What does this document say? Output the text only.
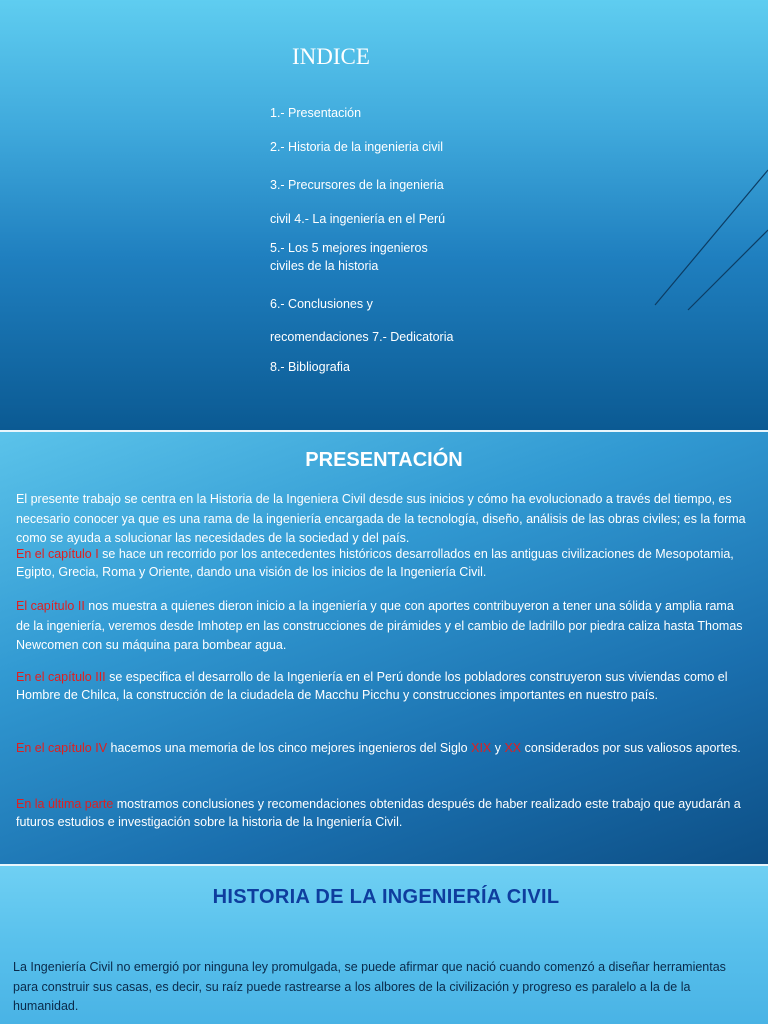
INDICE
1.- Presentación
2.- Historia de la ingenieria civil
3.- Precursores de la ingenieria
civil 4.- La ingeniería en el Perú
5.- Los 5 mejores ingenieros
civiles de la historia
6.- Conclusiones y
recomendaciones 7.- Dedicatoria
8.- Bibliografia
PRESENTACIÓN
El presente trabajo se centra en la Historia de la Ingeniera Civil desde sus inicios y cómo ha evolucionado a través del tiempo, es necesario conocer ya que es una rama de la ingeniería encargada de la tecnología, diseño, análisis de las obras civiles; es la forma como se ayuda a solucionar las necesidades de la sociedad y del país.
En el capítulo I se hace un recorrido por los antecedentes históricos desarrollados en las antiguas civilizaciones de Mesopotamia, Egipto, Grecia, Roma y Oriente, dando una visión de los inicios de la Ingeniería Civil.
El capítulo II nos muestra a quienes dieron inicio a la ingeniería y que con aportes contribuyeron a tener una sólida y amplia rama de la ingeniería, veremos desde Imhotep en las construcciones de pirámides y el cambio de ladrillo por piedra caliza hasta Thomas Newcomen con su máquina para bombear agua.
En el capítulo III se especifica el desarrollo de la Ingeniería en el Perú donde los pobladores construyeron sus viviendas como el Hombre de Chilca, la construcción de la ciudadela de Macchu Picchu y construcciones importantes en nuestro país.
En el capítulo IV hacemos una memoria de los cinco mejores ingenieros del Siglo XIX y XX considerados por sus valiosos aportes.
En la última parte mostramos conclusiones y recomendaciones obtenidas después de haber realizado este trabajo que ayudarán a futuros estudios e investigación sobre la historia de la Ingeniería Civil.
HISTORIA DE LA INGENIERÍA CIVIL
La Ingeniería Civil no emergió por ninguna ley promulgada, se puede afirmar que nació cuando comenzó a diseñar herramientas para construir sus casas, es decir, su raíz puede rastrearse a los albores de la civilización y progreso es paralelo a la de la humanidad.
